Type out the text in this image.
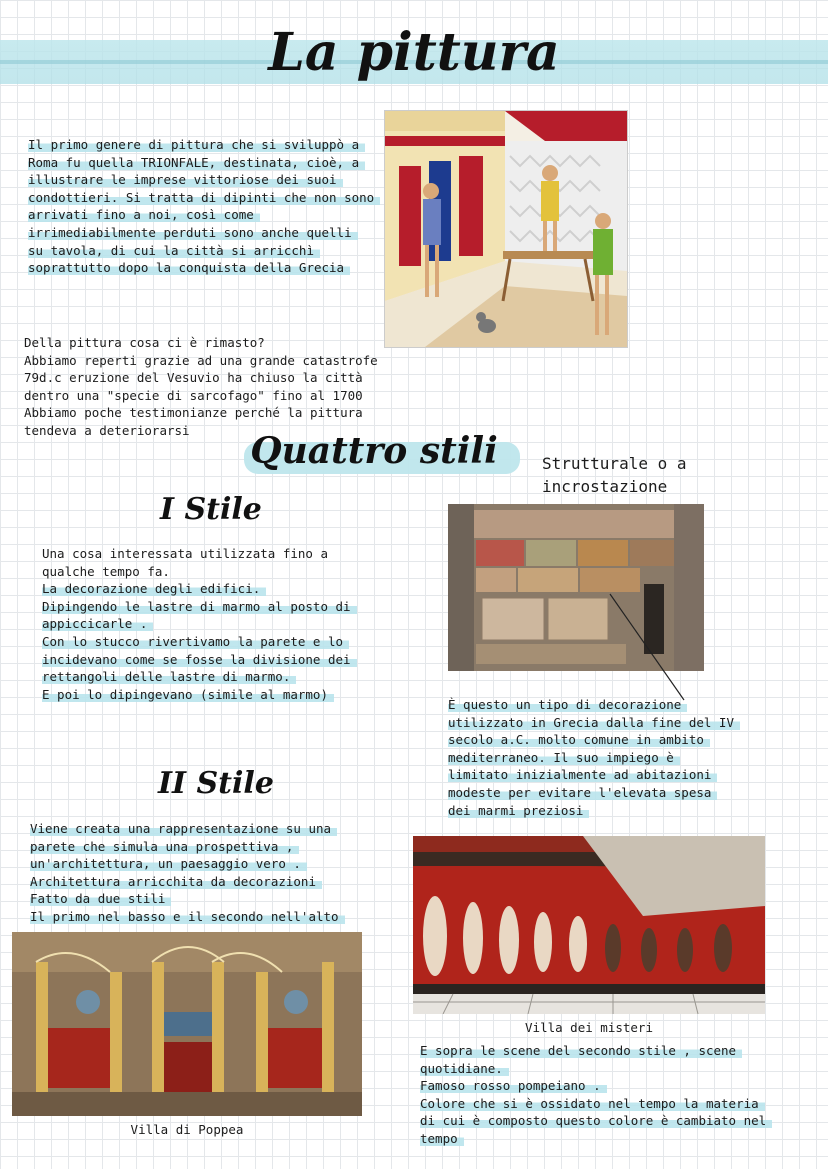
La pittura
Il primo genere di pittura che si sviluppò a
Roma fu quella TRIONFALE, destinata, cioè, a
illustrare le imprese vittoriose dei suoi
condottieri. Si tratta di dipinti che non sono
arrivati fino a noi, così come
irrimediabilmente perduti sono anche quelli
su tavola, di cui la città si arricchì
soprattutto dopo la conquista della Grecia
Della pittura cosa ci è rimasto?
Abbiamo reperti grazie ad una grande catastrofe
79d.c eruzione del Vesuvio ha chiuso la città
dentro una "specie di sarcofago" fino al 1700
Abbiamo poche testimonianze perché la pittura
tendeva a deteriorarsi	Quattro stili	Strutturale o a
incrostazione
I Stile
Una cosa interessata utilizzata fino a
qualche tempo fa.
La decorazione degli edifici.
Dipingendo le lastre di marmo al posto di
appiccicarle .
Con lo stucco rivertivamo la parete e lo
incidevano come se fosse la divisione dei
rettangoli delle lastre di marmo.
E poi lo dipingevano (simile al marmo)
È questo un tipo di decorazione
utilizzato in Grecia dalla fine del IV
secolo a.C. molto comune in ambito
mediterraneo. Il suo impiego è
limitato inizialmente ad abitazioni
modeste per evitare l'elevata spesa
dei marmi preziosi
II Stile
Viene creata una rappresentazione su una
parete che simula una prospettiva ,
un'architettura, un paesaggio vero .
Architettura arricchita da decorazioni
Fatto da due stili
Il primo nel basso e il secondo nell'alto
Villa dei misteri
Villa di Poppea
E sopra le scene del secondo stile , scene
quotidiane.
Famoso rosso pompeiano .
Colore che si è ossidato nel tempo la materia
di cui è composto questo colore è cambiato nel
tempo
